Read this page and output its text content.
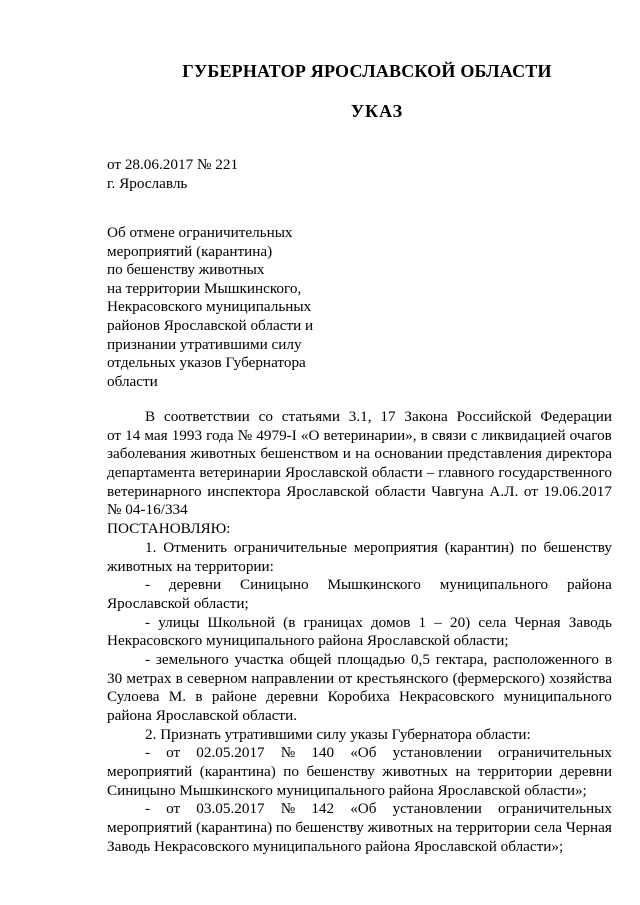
ГУБЕРНАТОР ЯРОСЛАВСКОЙ ОБЛАСТИ
УКАЗ
от 28.06.2017 № 221
г. Ярославль
Об отмене ограничительных
мероприятий (карантина)
по бешенству животных
на территории Мышкинского,
Некрасовского муниципальных
районов Ярославской области и
признании утратившими силу
отдельных указов Губернатора
области
В соответствии со статьями 3.1, 17 Закона Российской Федерации
от 14 мая 1993 года № 4979-I «О ветеринарии», в связи с ликвидацией очагов
заболевания животных бешенством и на основании представления директора
департамента ветеринарии Ярославской области – главного государственного
ветеринарного инспектора Ярославской области Чавгуна А.Л. от 19.06.2017
№ 04-16/334
ПОСТАНОВЛЯЮ:
1. Отменить ограничительные мероприятия (карантин) по бешенству
животных на территории:
- деревни Синицыно Мышкинского муниципального района
Ярославской области;
- улицы Школьной (в границах домов 1 – 20) села Черная Заводь
Некрасовского муниципального района Ярославской области;
- земельного участка общей площадью 0,5 гектара, расположенного в
30 метрах в северном направлении от крестьянского (фермерского) хозяйства
Сулоева М. в районе деревни Коробиха Некрасовского муниципального
района Ярославской области.
2. Признать утратившими силу указы Губернатора области:
- от 02.05.2017 № 140 «Об установлении ограничительных
мероприятий (карантина) по бешенству животных на территории деревни
Синицыно Мышкинского муниципального района Ярославской области»;
- от 03.05.2017 № 142 «Об установлении ограничительных
мероприятий (карантина) по бешенству животных на территории села Черная
Заводь Некрасовского муниципального района Ярославской области»;
